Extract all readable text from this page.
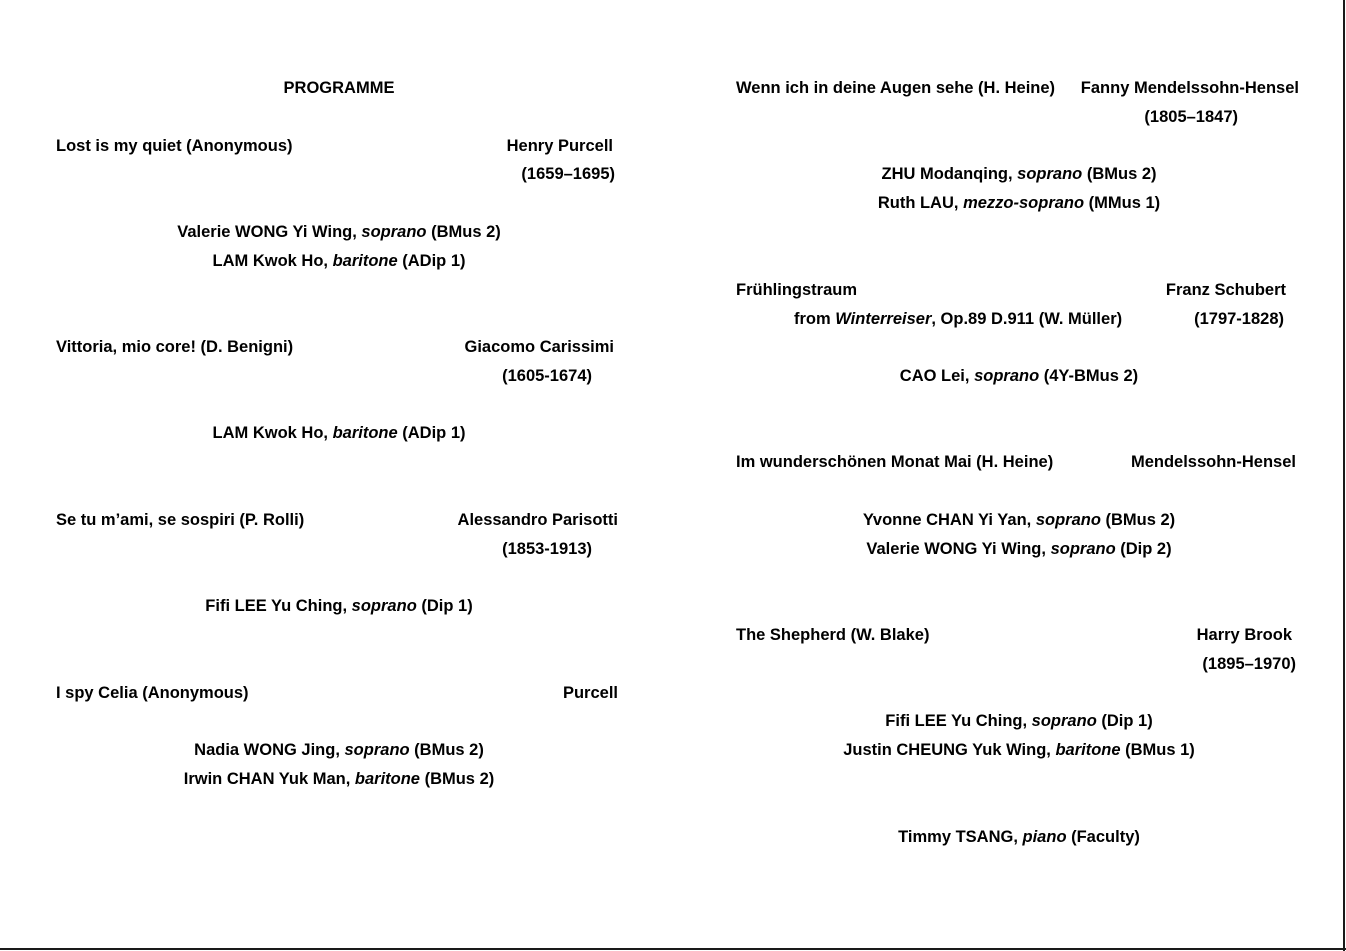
PROGRAMME
Lost is my quiet (Anonymous)	Henry Purcell
(1659–1695)
Valerie WONG Yi Wing, soprano (BMus 2)
LAM Kwok Ho, baritone (ADip 1)
Vittoria, mio core! (D. Benigni)	Giacomo Carissimi
(1605-1674)
LAM Kwok Ho, baritone (ADip 1)
Se tu m’ami, se sospiri (P. Rolli)	Alessandro Parisotti
(1853-1913)
Fifi LEE Yu Ching, soprano (Dip 1)
I spy Celia (Anonymous)	Purcell
Nadia WONG Jing, soprano (BMus 2)
Irwin CHAN Yuk Man, baritone (BMus 2)
Wenn ich in deine Augen sehe (H. Heine) Fanny Mendelssohn-Hensel
(1805–1847)
ZHU Modanqing, soprano (BMus 2)
Ruth LAU, mezzo-soprano (MMus 1)
Frühlingstraum	Franz Schubert
from Winterreiser, Op.89 D.911 (W. Müller)	(1797-1828)
CAO Lei, soprano (4Y-BMus 2)
Im wunderschönen Monat Mai (H. Heine)	Mendelssohn-Hensel
Yvonne CHAN Yi Yan, soprano (BMus 2)
Valerie WONG Yi Wing, soprano (Dip 2)
The Shepherd (W. Blake)	Harry Brook
(1895–1970)
Fifi LEE Yu Ching, soprano (Dip 1)
Justin CHEUNG Yuk Wing, baritone (BMus 1)
Timmy TSANG, piano (Faculty)
